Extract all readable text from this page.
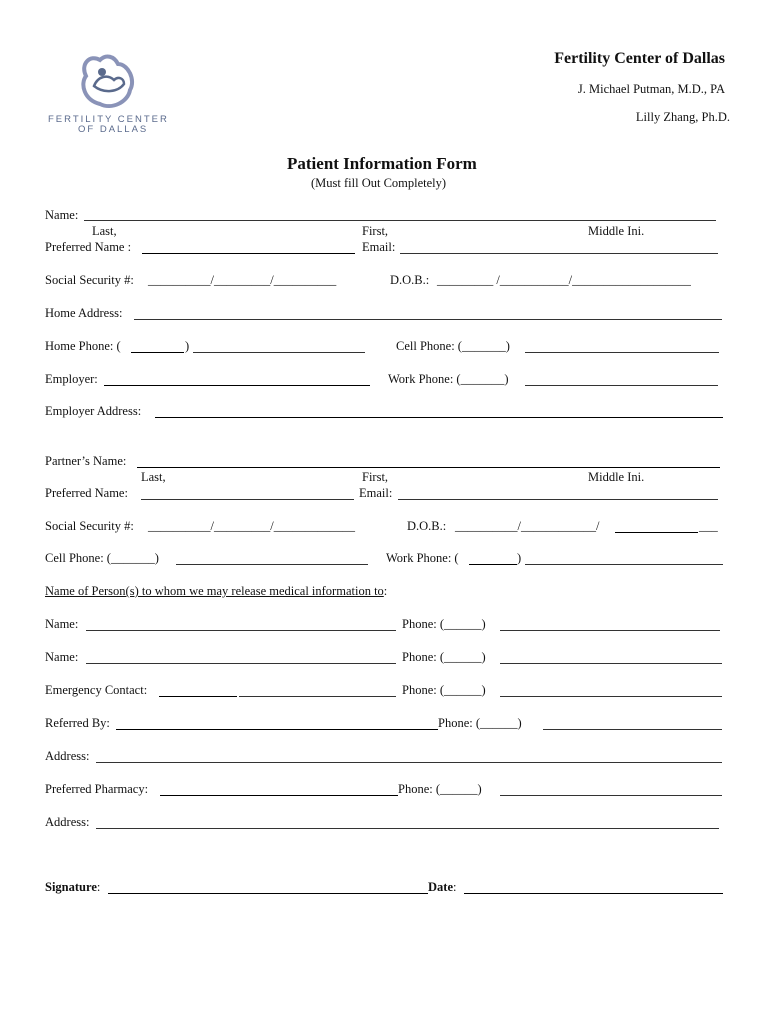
FERTILITY CENTER
OF DALLAS
Fertility Center of Dallas
J. Michael Putman, M.D., PA
Lilly Zhang, Ph.D.
Patient Information Form
(Must fill Out Completely)
Name:
Last,	First,	Middle Ini.
Preferred Name :	Email:
Social Security #: __________/_________/__________	D.O.B.: _________ /___________/___________________
Home Address:
Home Phone: (	)	Cell Phone: (_______)
Employer:	Work Phone: (_______)
Employer Address:
Partner’s Name:
Last,	First,	Middle Ini.
Preferred Name:	Email:
Social Security #: __________/_________/_____________	D.O.B.: __________/____________/	___
Cell Phone: (_______)	Work Phone: (	)
Name of Person(s) to whom we may release medical information to:
Name:	Phone: (______)
Name:	Phone: (______)
Emergency Contact:	Phone: (______)
Referred By:	Phone: (______)
Address:
Preferred Pharmacy:	Phone: (______)
Address:
Signature:	Date:
